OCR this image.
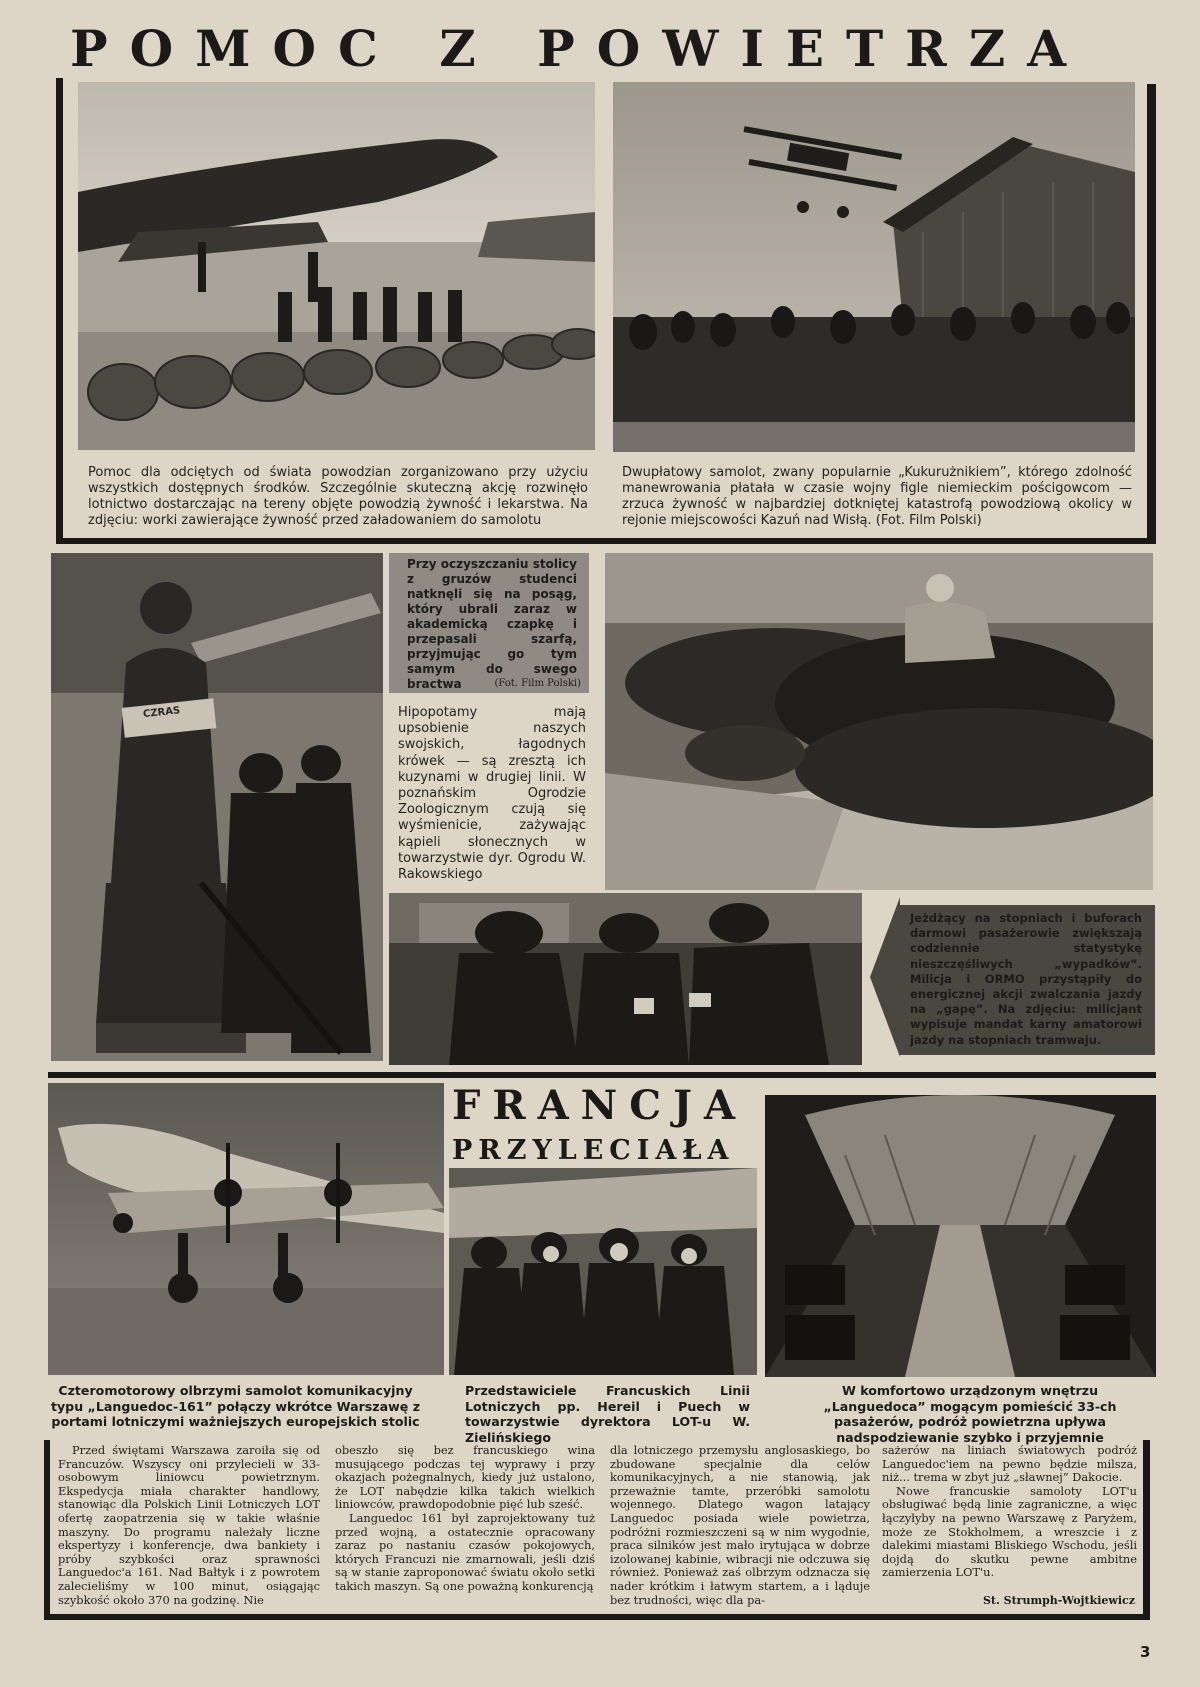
POMOC Z POWIETRZA
Pomoc dla odciętych od świata powodzian zorganizowano przy użyciu wszystkich dostępnych środków. Szczególnie skuteczną akcję rozwinęło lotnictwo dostarczając na tereny objęte powodzią żywność i lekarstwa. Na zdjęciu: worki zawierające żywność przed załadowaniem do samolotu
Dwupłatowy samolot, zwany popularnie „Kukurużnikiem”, którego zdolność manewrowania płatała w czasie wojny figle niemieckim pościgowcom — zrzuca żywność w najbardziej dotkniętej katastrofą powodziową okolicy w rejonie miejscowości Kazuń nad Wisłą. (Fot. Film Polski)
CZRAS
Przy oczyszczaniu stolicy z gruzów studenci natknęli się na posąg, który ubrali zaraz w akademicką czapkę i przepasali szarfą, przyjmując go tym samym do swego bractwa	(Fot. Film Polski)
Hipopotamy mają upsobienie naszych swojskich, łagodnych krówek — są zresztą ich kuzynami w drugiej linii. W poznańskim Ogrodzie Zoologicznym czują się wyśmienicie, zażywając kąpieli słonecznych w towarzystwie dyr. Ogrodu W. Rakowskiego
Jeżdżący na stopniach i buforach darmowi pasażerowie zwiększają codziennie statystykę nieszczęśliwych „wypadków”. Milicja i ORMO przystąpiły do energicznej akcji zwalczania jazdy na „gapę”. Na zdjęciu: milicjant wypisuje mandat karny amatorowi jazdy na stopniach tramwaju.
FRANCJA
PRZYLECIAŁA
Czteromotorowy olbrzymi samolot komunikacyjny typu „Languedoc-161” połączy wkrótce Warszawę z portami lotniczymi ważniejszych europejskich stolic
Przedstawiciele Francuskich Linii Lotniczych pp. Hereil i Puech w towarzystwie dyrektora LOT-u W. Zielińskiego
W komfortowo urządzonym wnętrzu „Languedoca” mogącym pomieścić 33-ch pasażerów, podróż powietrzna upływa nadspodziewanie szybko i przyjemnie

Przed świętami Warszawa zaroiła się od Francuzów. Wszyscy oni przylecieli w 33-osobowym liniowcu powietrznym. Ekspedycja miała charakter handlowy, stanowiąc dla Polskich Linii Lotniczych LOT ofertę zaopatrzenia się w takie właśnie maszyny. Do programu należały liczne ekspertyzy i konferencje, dwa bankiety i próby szybkości oraz sprawności Languedoc'a 161. Nad Bałtyk i z powrotem zalecieliśmy w 100 minut, osiągając szybkość około 370 na godzinę. Nie

obeszło się bez francuskiego wina musującego podczas tej wyprawy i przy okazjach pożegnalnych, kiedy już ustalono, że LOT nabędzie kilka takich wielkich liniowców, prawdopodobnie pięć lub sześć.

Languedoc 161 był zaprojektowany tuż przed wojną, a ostatecznie opracowany zaraz po nastaniu czasów pokojowych, których Francuzi nie zmarnowali, jeśli dziś są w stanie zaproponować światu około setki takich maszyn. Są one poważną konkurencją

dla lotniczego przemysłu anglosaskiego, bo zbudowane specjalnie dla celów komunikacyjnych, a nie stanowią, jak przeważnie tamte, przeróbki samolotu wojennego. Dlatego wagon latający Languedoc posiada wiele powietrza, podróżni rozmieszczeni są w nim wygodnie, praca silników jest mało irytująca w dobrze izolowanej kabinie, wibracji nie odczuwa się również. Ponieważ zaś olbrzym odznacza się nader krótkim i łatwym startem, a i ląduje bez trudności, więc dla pa-

sażerów na liniach światowych podróż Languedoc'iem na pewno będzie milsza, niż... trema w zbyt już „sławnej” Dakocie.

Nowe francuskie samoloty LOT'u obsługiwać będą linie zagraniczne, a więc łączyłyby na pewno Warszawę z Paryżem, może ze Stokholmem, a wreszcie i z dalekimi miastami Bliskiego Wschodu, jeśli dojdą do skutku pewne ambitne zamierzenia LOT'u.

St. Strumph-Wojtkiewicz
3
